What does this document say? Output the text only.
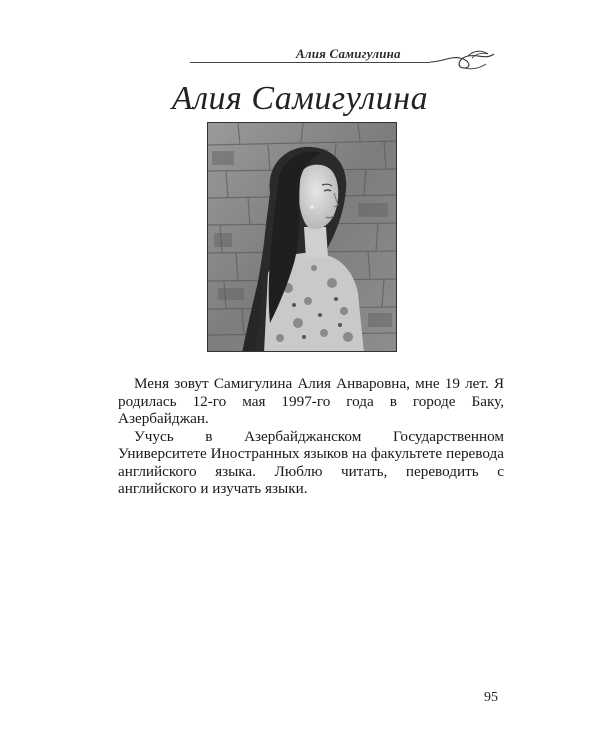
Алия Самигулина
Алия Самигулина

Меня зовут Самигулина Алия Анваровна, мне 19 лет. Я родилась 12-го мая 1997-го года в городе Баку, Азербайджан.

Учусь в Азербайджанском Государственном Университете Иностранных языков на факультете перевода английского языка. Люблю читать, переводить с английского и изучать языки.

95
